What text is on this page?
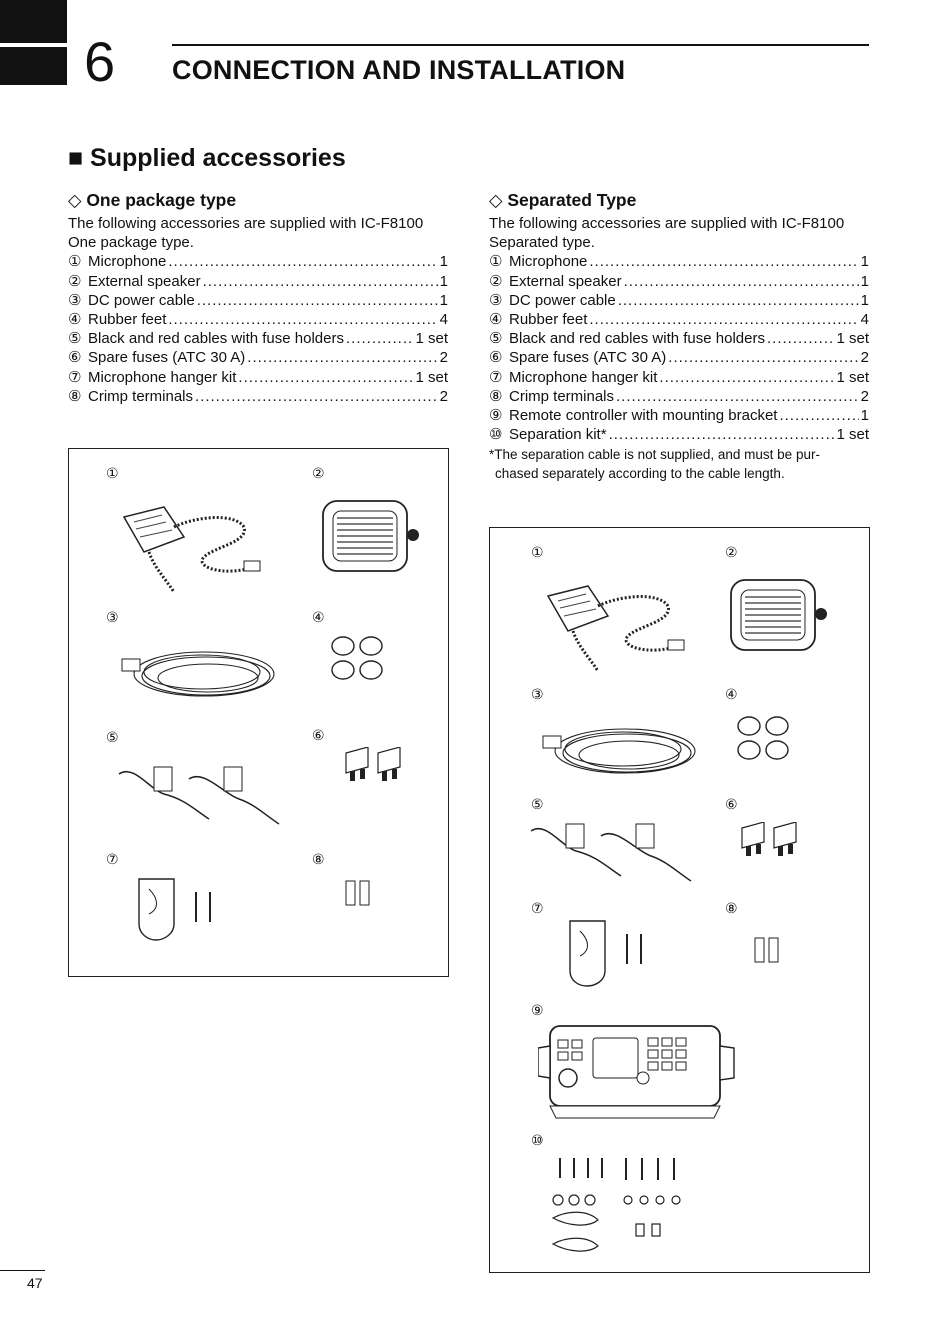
6 CONNECTION AND INSTALLATION
■ Supplied accessories
◇ One package type

The following accessories are supplied with IC-F8100 One package type.

① Microphone .....	1
② External speaker .....	1
③ DC power cable .....	1
④ Rubber feet .....	4
⑤ Black and red cables with fuse holders .....	1 set
⑥ Spare fuses (ATC 30 A) .....	2
⑦ Microphone hanger kit .....	1 set
⑧ Crimp terminals .....	2
◇ Separated Type

The following accessories are supplied with IC-F8100 Separated type.

① Microphone .....	1
② External speaker .....	1
③ DC power cable .....	1
④ Rubber feet .....	4
⑤ Black and red cables with fuse holders .....	1 set
⑥ Spare fuses (ATC 30 A) .....	2
⑦ Microphone hanger kit .....	1 set
⑧ Crimp terminals .....	2
⑨ Remote controller with mounting bracket .....	1
⑩ Separation kit* .....	1 set
*The separation cable is not supplied, and must be pur-
chased separately according to the cable length.
①	②
③	④
⑤	⑥
⑦	⑧
①	②
③	④
⑤	⑥
⑦	⑧
⑨
⑩
47
